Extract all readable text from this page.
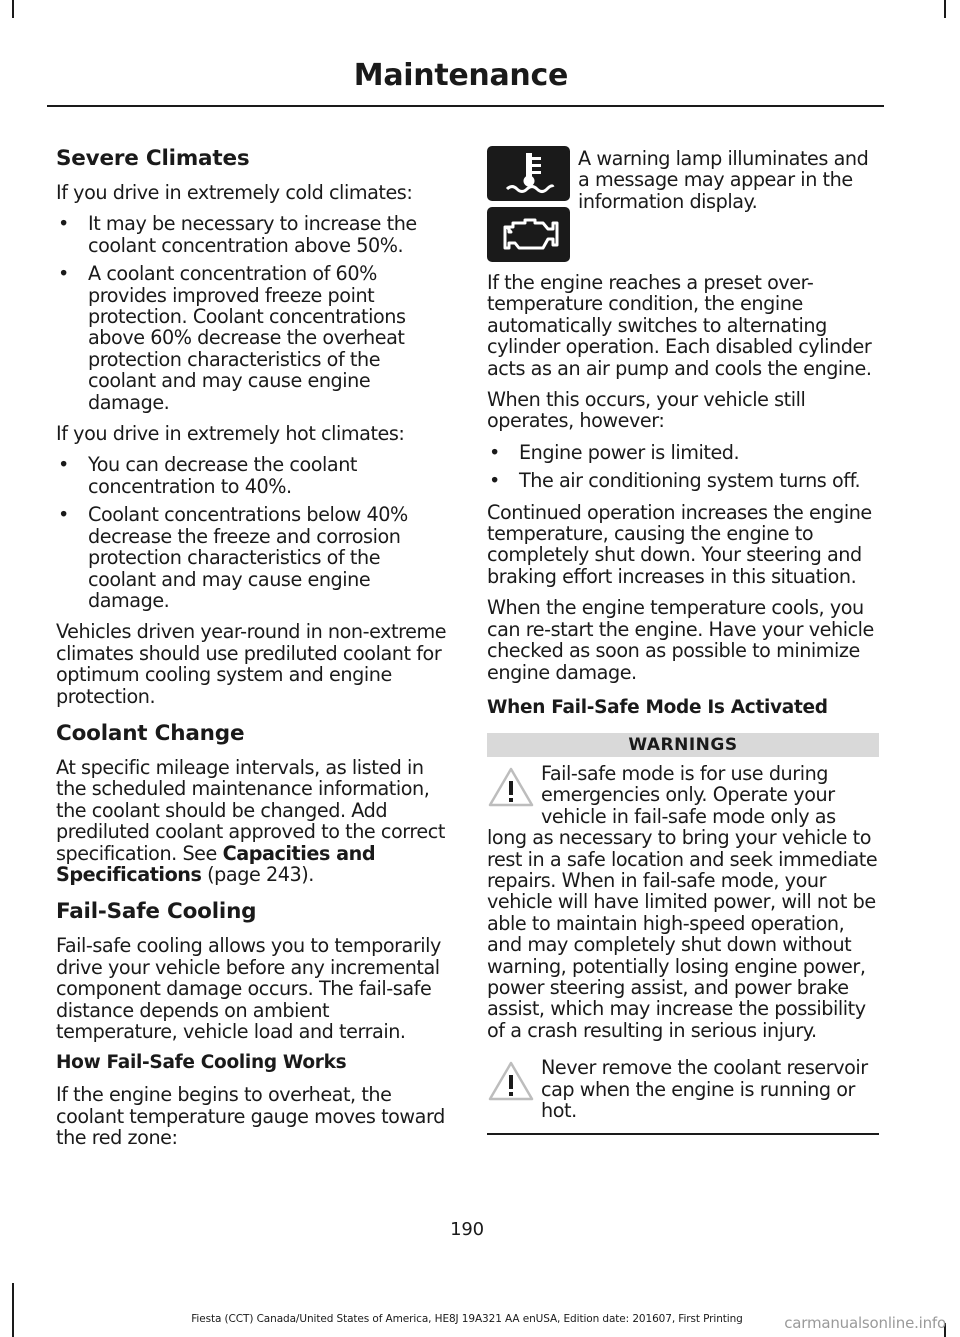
Maintenance
Severe Climates

If you drive in extremely cold climates:

• It may be necessary to increase the coolant concentration above 50%.
• A coolant concentration of 60% provides improved freeze point protection. Coolant concentrations above 60% decrease the overheat protection characteristics of the coolant and may cause engine damage.

If you drive in extremely hot climates:

• You can decrease the coolant concentration to 40%.
• Coolant concentrations below 40% decrease the freeze and corrosion protection characteristics of the coolant and may cause engine damage.

Vehicles driven year-round in non-extreme climates should use prediluted coolant for optimum cooling system and engine protection.

Coolant Change

At specific mileage intervals, as listed in the scheduled maintenance information, the coolant should be changed. Add prediluted coolant approved to the correct specification. See Capacities and Specifications (page 243).

Fail-Safe Cooling

Fail-safe cooling allows you to temporarily drive your vehicle before any incremental component damage occurs. The fail-safe distance depends on ambient temperature, vehicle load and terrain.

How Fail-Safe Cooling Works

If the engine begins to overheat, the coolant temperature gauge moves toward the red zone:

A warning lamp illuminates and a message may appear in the information display.

If the engine reaches a preset over-temperature condition, the engine automatically switches to alternating cylinder operation. Each disabled cylinder acts as an air pump and cools the engine.

When this occurs, your vehicle still operates, however:

• Engine power is limited.
• The air conditioning system turns off.

Continued operation increases the engine temperature, causing the engine to completely shut down. Your steering and braking effort increases in this situation.

When the engine temperature cools, you can re-start the engine. Have your vehicle checked as soon as possible to minimize engine damage.

When Fail-Safe Mode Is Activated
WARNINGS

Fail-safe mode is for use during emergencies only. Operate your vehicle in fail-safe mode only as long as necessary to bring your vehicle to rest in a safe location and seek immediate repairs. When in fail-safe mode, your vehicle will have limited power, will not be able to maintain high-speed operation, and may completely shut down without warning, potentially losing engine power, power steering assist, and power brake assist, which may increase the possibility of a crash resulting in serious injury.

Never remove the coolant reservoir cap when the engine is running or hot.

190
Fiesta (CCT) Canada/United States of America, HE8J 19A321 AA enUSA, Edition date: 201607, First Printing	carmanualsonline.info
